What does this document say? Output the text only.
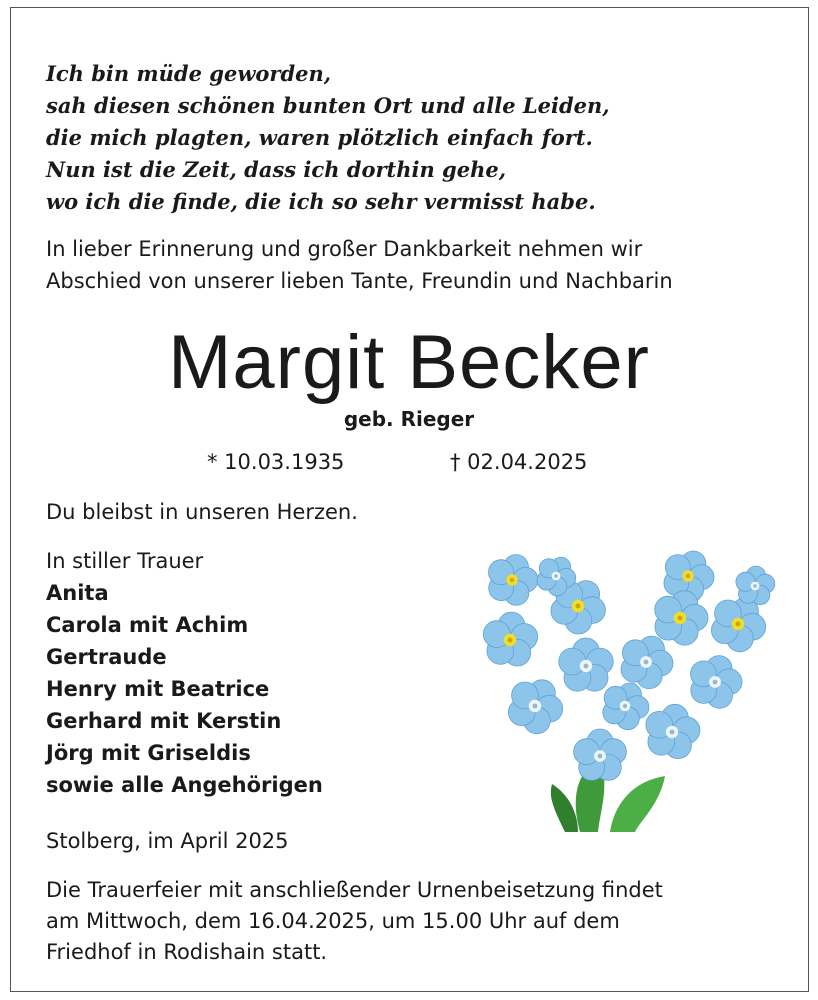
Ich bin müde geworden,
sah diesen schönen bunten Ort und alle Leiden,
die mich plagten, waren plötzlich einfach fort.
Nun ist die Zeit, dass ich dorthin gehe,
wo ich die finde, die ich so sehr vermisst habe.
In lieber Erinnerung und großer Dankbarkeit nehmen wir
Abschied von unserer lieben Tante, Freundin und Nachbarin
Margit Becker
geb. Rieger
* 10.03.1935	† 02.04.2025
Du bleibst in unseren Herzen.
In stiller Trauer
Anita
Carola mit Achim
Gertraude
Henry mit Beatrice
Gerhard mit Kerstin
Jörg mit Griseldis
sowie alle Angehörigen
Stolberg, im April 2025
Die Trauerfeier mit anschließender Urnenbeisetzung findet
am Mittwoch, dem 16.04.2025, um 15.00 Uhr auf dem
Friedhof in Rodishain statt.
